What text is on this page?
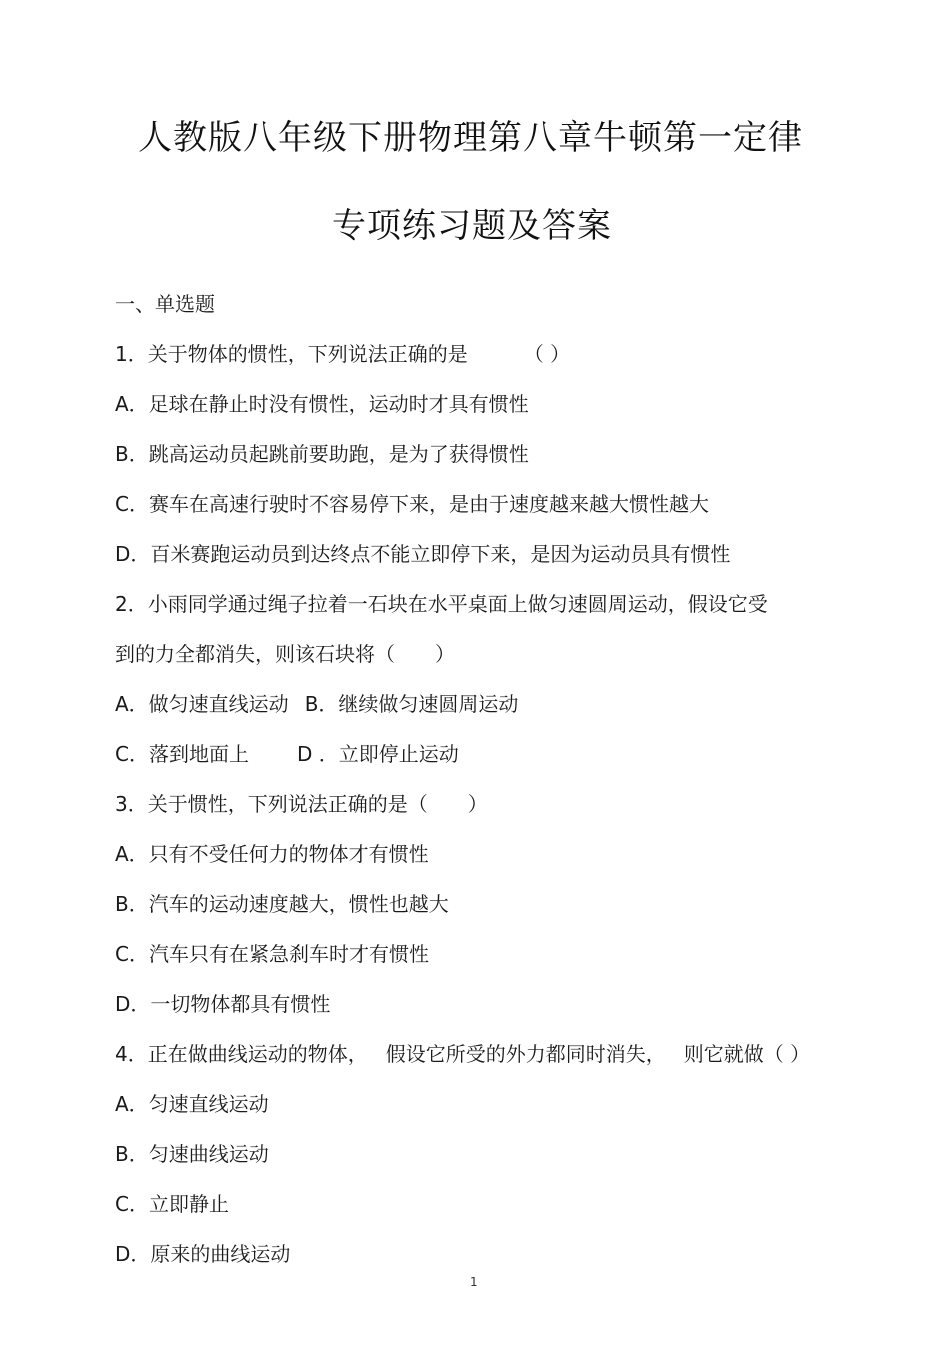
人教版八年级下册物理第八章牛顿第一定律
专项练习题及答案
一、单选题
1．关于物体的惯性，下列说法正确的是	（ ）
A．足球在静止时没有惯性，运动时才具有惯性
B．跳高运动员起跳前要助跑，是为了获得惯性
C．赛车在高速行驶时不容易停下来，是由于速度越来越大惯性越大
D．百米赛跑运动员到达终点不能立即停下来，是因为运动员具有惯性
2．小雨同学通过绳子拉着一石块在水平桌面上做匀速圆周运动，假设它受
到的力全都消失，则该石块将（　　）
A．做匀速直线运动 B．继续做匀速圆周运动
C．落到地面上 D ．立即停止运动
3．关于惯性，下列说法正确的是（　　）
A．只有不受任何力的物体才有惯性
B．汽车的运动速度越大，惯性也越大
C．汽车只有在紧急刹车时才有惯性
D．一切物体都具有惯性
4．正在做曲线运动的物体， 假设它所受的外力都同时消失， 则它就做（ ）
A．匀速直线运动
B．匀速曲线运动
C．立即静止
D．原来的曲线运动
1
